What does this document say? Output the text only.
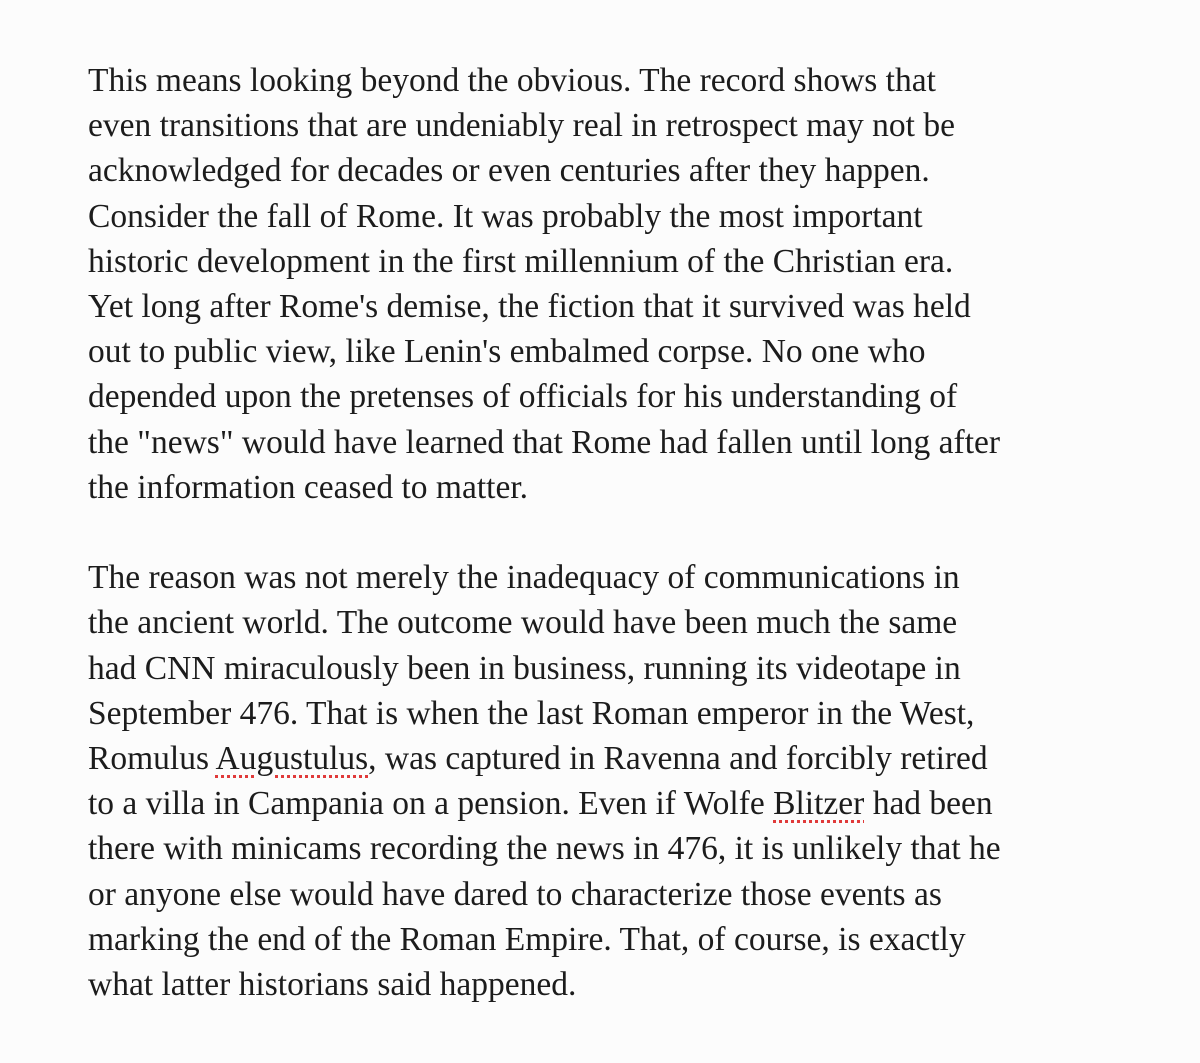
This means looking beyond the obvious. The record shows that
even transitions that are undeniably real in retrospect may not be
acknowledged for decades or even centuries after they happen.
Consider the fall of Rome. It was probably the most important
historic development in the first millennium of the Christian era.
Yet long after Rome's demise, the fiction that it survived was held
out to public view, like Lenin's embalmed corpse. No one who
depended upon the pretenses of officials for his understanding of
the "news" would have learned that Rome had fallen until long after
the information ceased to matter.

The reason was not merely the inadequacy of communications in
the ancient world. The outcome would have been much the same
had CNN miraculously been in business, running its videotape in
September 476. That is when the last Roman emperor in the West,
Romulus Augustulus, was captured in Ravenna and forcibly retired
to a villa in Campania on a pension. Even if Wolfe Blitzer had been
there with minicams recording the news in 476, it is unlikely that he
or anyone else would have dared to characterize those events as
marking the end of the Roman Empire. That, of course, is exactly
what latter historians said happened.
